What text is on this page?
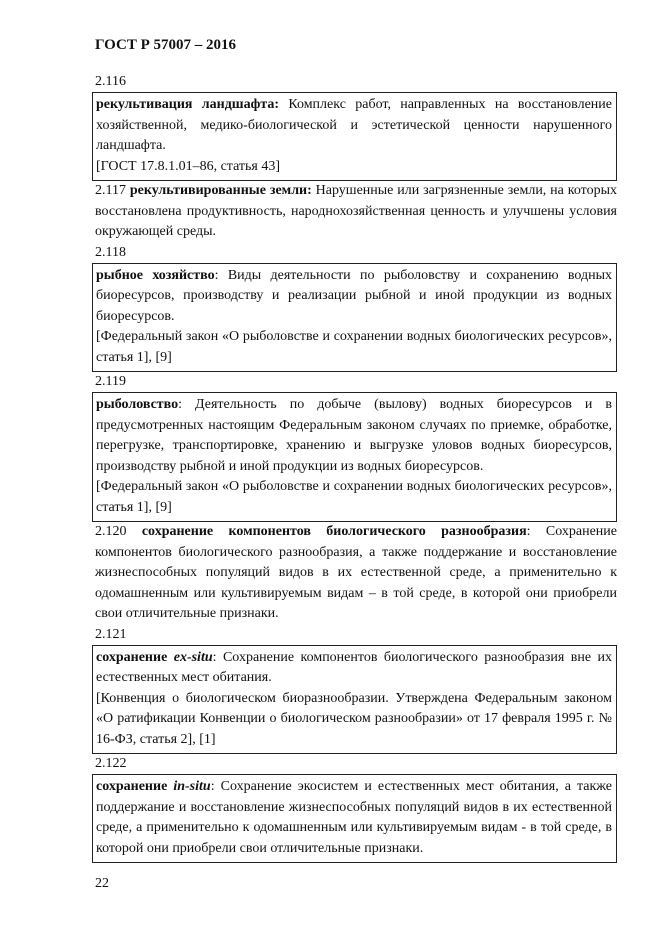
ГОСТ Р 57007 – 2016
2.116
рекультивация ландшафта: Комплекс работ, направленных на восстановление хозяйственной, медико-биологической и эстетической ценности нарушенного ландшафта.
[ГОСТ 17.8.1.01–86, статья 43]
2.117 рекультивированные земли: Нарушенные или загрязненные земли, на которых восстановлена продуктивность, народнохозяйственная ценность и улучшены условия окружающей среды.
2.118
рыбное хозяйство: Виды деятельности по рыболовству и сохранению водных биоресурсов, производству и реализации рыбной и иной продукции из водных биоресурсов.
[Федеральный закон «О рыболовстве и сохранении водных биологических ресурсов», статья 1], [9]
2.119
рыболовство: Деятельность по добыче (вылову) водных биоресурсов и в предусмотренных настоящим Федеральным законом случаях по приемке, обработке, перегрузке, транспортировке, хранению и выгрузке уловов водных биоресурсов, производству рыбной и иной продукции из водных биоресурсов.
[Федеральный закон «О рыболовстве и сохранении водных биологических ресурсов», статья 1], [9]
2.120 сохранение компонентов биологического разнообразия: Сохранение компонентов биологического разнообразия, а также поддержание и восстановление жизнеспособных популяций видов в их естественной среде, а применительно к одомашненным или культивируемым видам – в той среде, в которой они приобрели свои отличительные признаки.
2.121
сохранение ex-situ: Сохранение компонентов биологического разнообразия вне их естественных мест обитания.
[Конвенция о биологическом биоразнообразии. Утверждена Федеральным законом «О ратификации Конвенции о биологическом разнообразии» от 17 февраля 1995 г. № 16-ФЗ, статья 2], [1]
2.122
сохранение in-situ: Сохранение экосистем и естественных мест обитания, а также поддержание и восстановление жизнеспособных популяций видов в их естественной среде, а применительно к одомашненным или культивируемым видам - в той среде, в которой они приобрели свои отличительные признаки.
22
